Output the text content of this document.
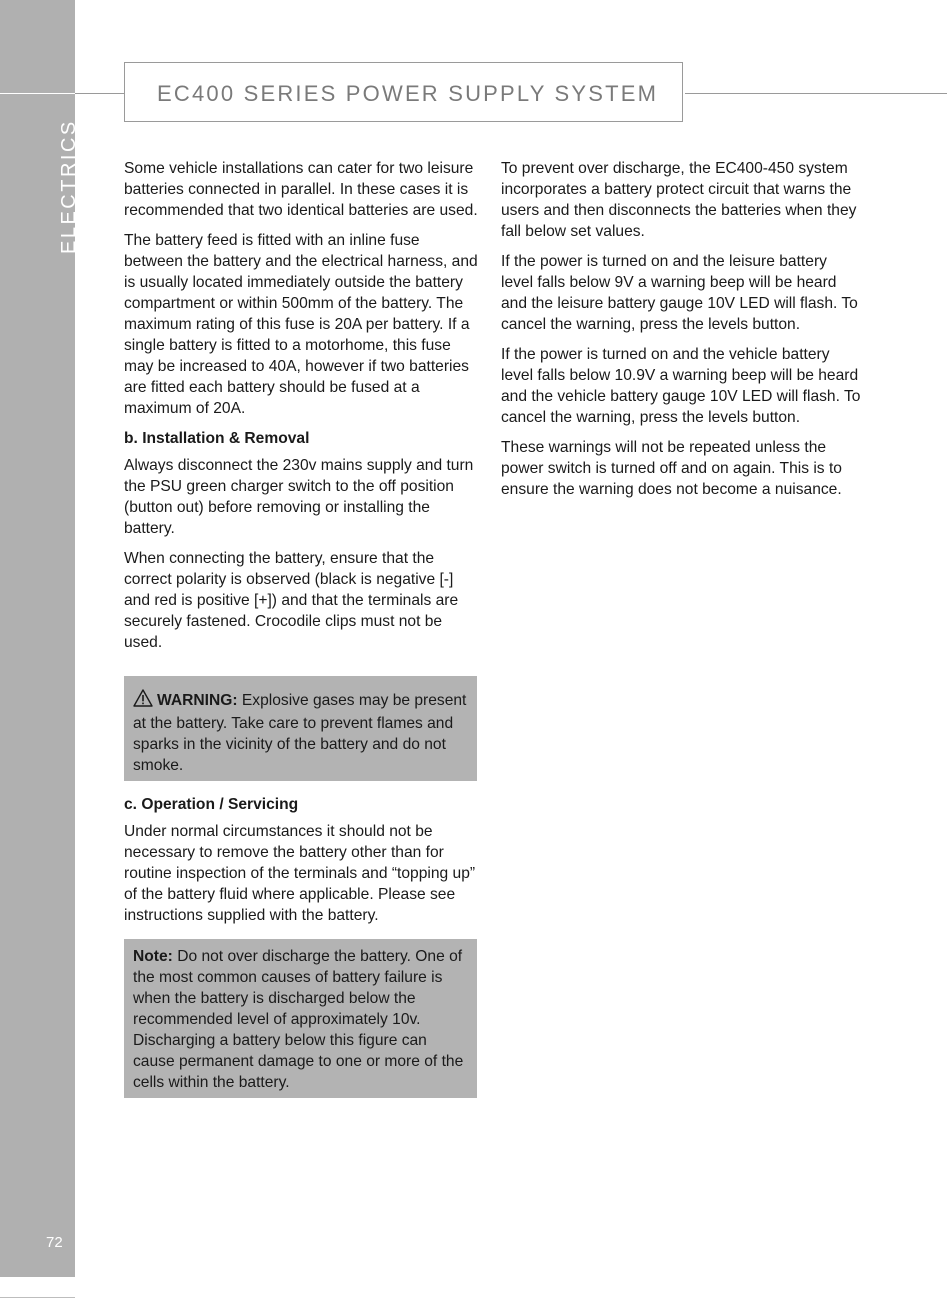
ELECTRICS
72
EC400 SERIES POWER SUPPLY SYSTEM

Some vehicle installations can cater for two leisure batteries connected in parallel. In these cases it is recommended that two identical batteries are used.

The battery feed is fitted with an inline fuse between the battery and the electrical harness, and is usually located immediately outside the battery compartment or within 500mm of the battery. The maximum rating of this fuse is 20A per battery. If a single battery is fitted to a motorhome, this fuse may be increased to 40A, however if two batteries are fitted each battery should be fused at a maximum of 20A.

b. Installation & Removal

Always disconnect the 230v mains supply and turn the PSU green charger switch to the off position (button out) before removing or installing the battery.

When connecting the battery, ensure that the correct polarity is observed (black is negative [-] and red is positive [+]) and that the terminals are securely fastened. Crocodile clips must not be used.

WARNING: Explosive gases may be present at the battery. Take care to prevent flames and sparks in the vicinity of the battery and do not smoke.

c. Operation / Servicing

Under normal circumstances it should not be necessary to remove the battery other than for routine inspection of the terminals and “topping up” of the battery fluid where applicable. Please see instructions supplied with the battery.

Note: Do not over discharge the battery. One of the most common causes of battery failure is when the battery is discharged below the recommended level of approximately 10v. Discharging a battery below this figure can cause permanent damage to one or more of the cells within the battery.

To prevent over discharge, the EC400-450 system incorporates a battery protect circuit that warns the users and then disconnects the batteries when they fall below set values.

If the power is turned on and the leisure battery level falls below 9V a warning beep will be heard and the leisure battery gauge 10V LED will flash. To cancel the warning, press the levels button.

If the power is turned on and the vehicle battery level falls below 10.9V a warning beep will be heard and the vehicle battery gauge 10V LED will flash. To cancel the warning, press the levels button.

These warnings will not be repeated unless the power switch is turned off and on again. This is to ensure the warning does not become a nuisance.
